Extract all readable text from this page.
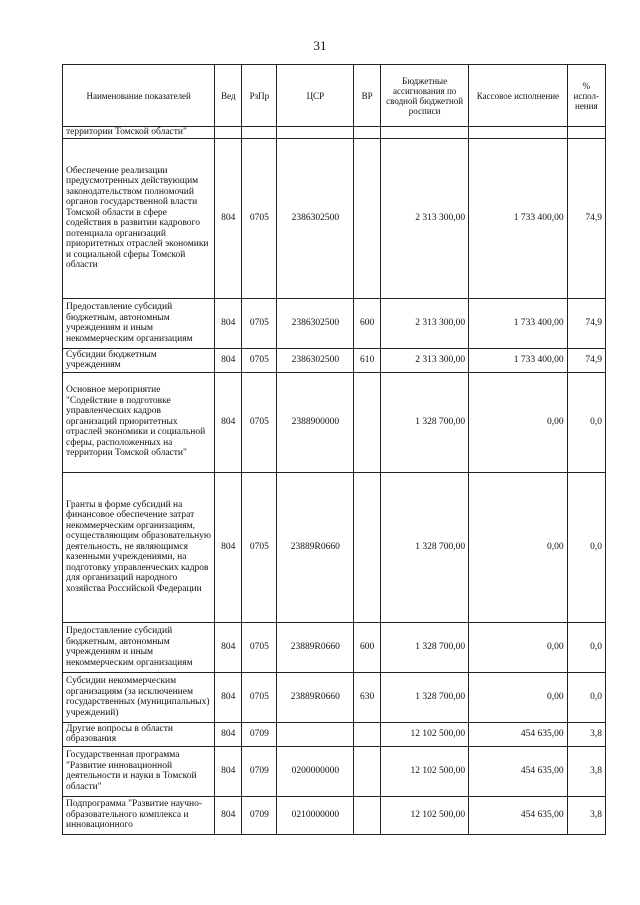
31
Наименование показателей	Вед	РзПр	ЦСР	ВР	Бюджетные ассигнования по сводной бюджетной росписи	Кассовое исполнение	% испол-нения
территории Томской области"							
Обеспечение реализации предусмотренных действующим законодательством полномочий органов государственной власти Томской области в сфере содействия в развитии кадрового потенциала организаций приоритетных отраслей экономики и социальной сферы Томской области	804	0705	2386302500		2 313 300,00	1 733 400,00	74,9
Предоставление субсидий бюджетным, автономным учреждениям и иным некоммерческим организациям	804	0705	2386302500	600	2 313 300,00	1 733 400,00	74,9
Субсидии бюджетным учреждениям	804	0705	2386302500	610	2 313 300,00	1 733 400,00	74,9
Основное мероприятие "Содействие в подготовке управленческих кадров организаций приоритетных отраслей экономики и социальной сферы, расположенных на территории Томской области"	804	0705	2388900000		1 328 700,00	0,00	0,0
Гранты в форме субсидий на финансовое обеспечение затрат некоммерческим организациям, осуществляющим образовательную деятельность, не являющимся казенными учреждениями, на подготовку управленческих кадров для организаций народного хозяйства Российской Федерации	804	0705	23889R0660		1 328 700,00	0,00	0,0
Предоставление субсидий бюджетным, автономным учреждениям и иным некоммерческим организациям	804	0705	23889R0660	600	1 328 700,00	0,00	0,0
Субсидии некоммерческим организациям (за исключением государственных (муниципальных) учреждений)	804	0705	23889R0660	630	1 328 700,00	0,00	0,0
Другие вопросы в области образования	804	0709			12 102 500,00	454 635,00	3,8
Государственная программа "Развитие инновационной деятельности и науки в Томской области"	804	0709	0200000000		12 102 500,00	454 635,00	3,8
Подпрограмма "Развитие научно-образовательного комплекса и инновационного	804	0709	0210000000		12 102 500,00	454 635,00	3,8
